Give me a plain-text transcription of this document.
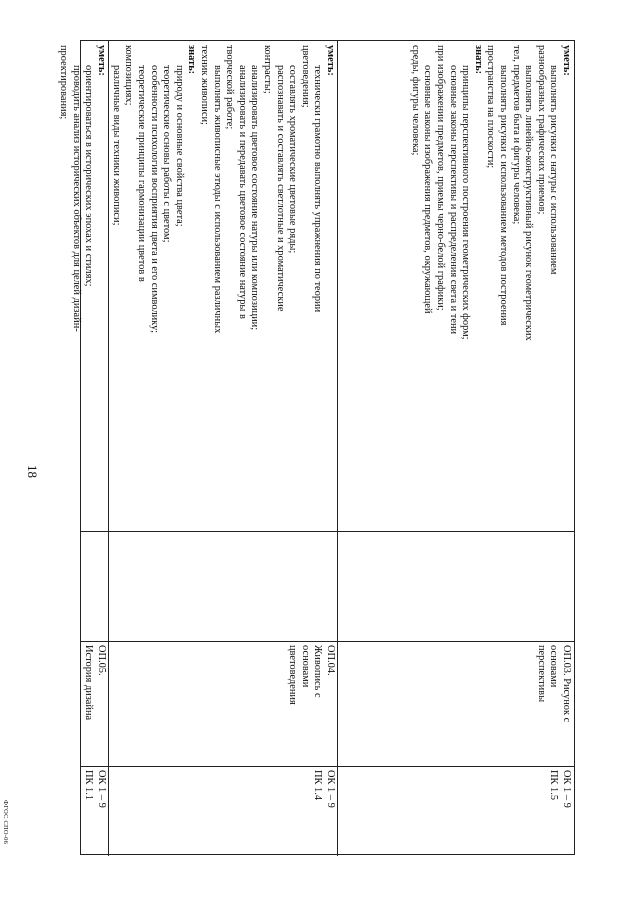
18
уметь:
выполнять рисунки с натуры с использованием
разнообразных графических приемов;
выполнять линейно-конструктивный рисунок геометрических
тел, предметов быта и фигуры человека;
выполнять рисунки с использованием методов построения
пространства на плоскости;
знать:
принципы перспективного построения геометрических форм;
основные законы перспективы и распределения света и тени
при изображении предметов, приемы черно-белой графики;
основные законы изображения предметов, окружающей
среды, фигуры человека;
ОП.03. Рисунок с
основами
перспективы
ОК 1 – 9
ПК 1.5
уметь:
технически грамотно выполнять упражнения по теории
цветоведения;
составлять хроматические цветовые ряды;
распознавать и составлять светлотные и хроматические
контрасты;
анализировать цветовое состояние натуры или композиции;
анализировать и передавать цветовое состояние натуры в
творческой работе;
выполнять живописные этюды с использованием различных
техник живописи;
знать:
природу и основные свойства цвета;
теоретические основы работы с цветом;
особенности психологии восприятия цвета и его символику;
теоретические принципы гармонизации цветов в
композициях;
различные виды техники живописи;
ОП.04.
Живопись с
основами
цветоведения
ОК 1 – 9
ПК 1.4
уметь:
ориентироваться в исторических эпохах и стилях;
проводить анализ исторических объектов для целей дизайн-
проектирования;
ОП.05.
История дизайна
ОК 1 – 9
ПК 1.1
ФГОС СПО-06
